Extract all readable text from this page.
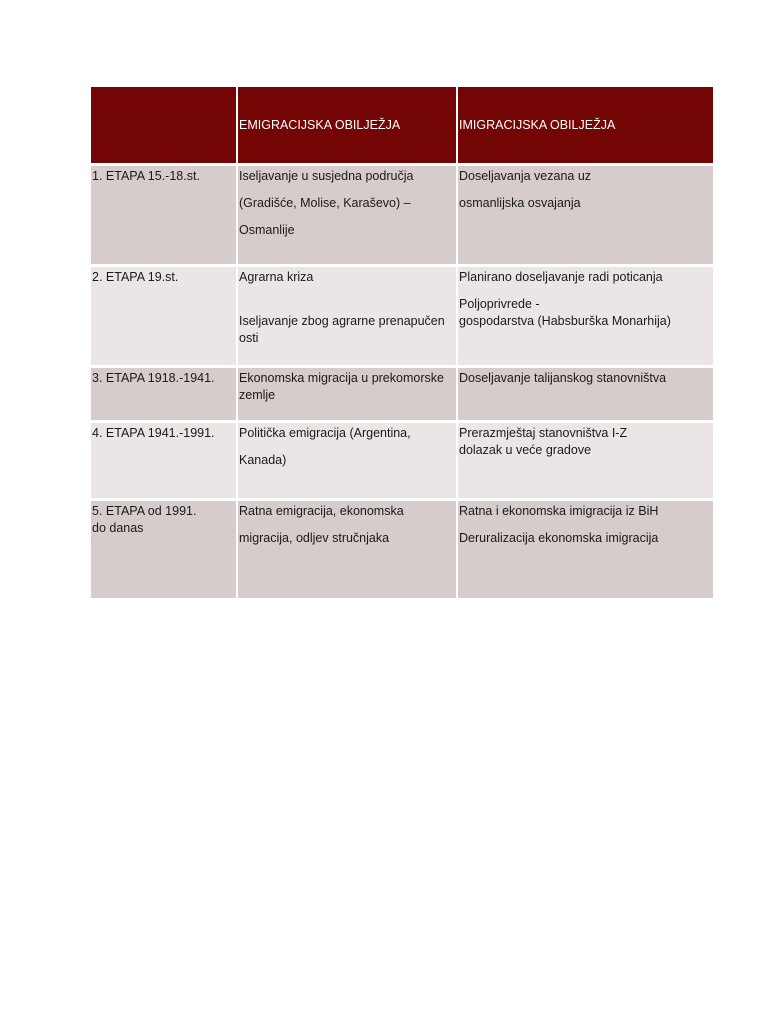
	EMIGRACIJSKA OBILJEŽJA	IMIGRACIJSKA OBILJEŽJA

1. ETAPA 15.-18.st.	Iseljavanje u susjedna područja
(Gradišće, Molise, Karaševo) –
Osmanlije	Doseljavanja vezana uz
osmanlijska osvajanja

2. ETAPA 19.st.	Agrarna kriza
Iseljavanje zbog agrarne prenapučen
osti	Planirano doseljavanje radi poticanja
Poljoprivrede -
gospodarstva (Habsburška Monarhija)

3. ETAPA 1918.-1941.	Ekonomska migracija u prekomorske
zemlje	Doseljavanje talijanskog stanovništva

4. ETAPA 1941.-1991.	Politička emigracija (Argentina,
Kanada)	Prerazmještaj stanovništva I-Z
dolazak u veće gradove

5. ETAPA od 1991.
do danas	Ratna emigracija, ekonomska
migracija, odljev stručnjaka	Ratna i ekonomska imigracija iz BiH
Deruralizacija ekonomska imigracija
